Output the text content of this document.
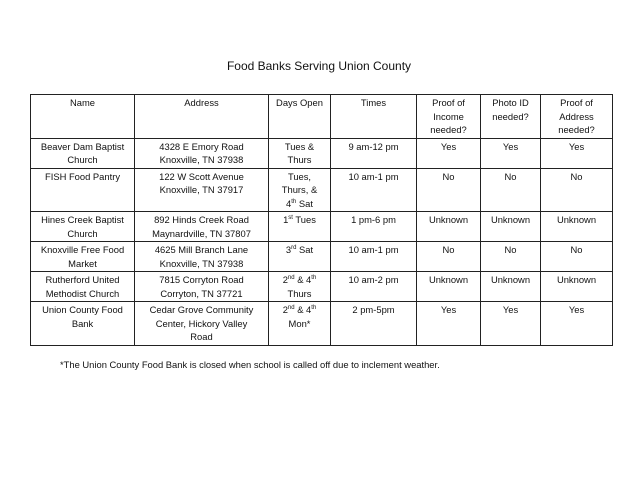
Food Banks Serving Union County
Name	Address	Days Open	Times	Proof of
Income
needed?	Photo ID
needed?	Proof of
Address
needed?
Beaver Dam Baptist
Church	4328 E Emory Road
Knoxville, TN 37938	Tues &
Thurs	9 am-12 pm	Yes	Yes	Yes
FISH Food Pantry	122 W Scott Avenue
Knoxville, TN 37917	Tues,
Thurs, &
4th Sat	10 am-1 pm	No	No	No
Hines Creek Baptist
Church	892 Hinds Creek Road
Maynardville, TN 37807	1st Tues	1 pm-6 pm	Unknown	Unknown	Unknown
Knoxville Free Food
Market	4625 Mill Branch Lane
Knoxville, TN 37938	3rd Sat	10 am-1 pm	No	No	No
Rutherford United
Methodist Church	7815 Corryton Road
Corryton, TN 37721	2nd & 4th
Thurs	10 am-2 pm	Unknown	Unknown	Unknown
Union County Food
Bank	Cedar Grove Community
Center, Hickory Valley
Road	2nd & 4th
Mon*	2 pm-5pm	Yes	Yes	Yes
*The Union County Food Bank is closed when school is called off due to inclement weather.
